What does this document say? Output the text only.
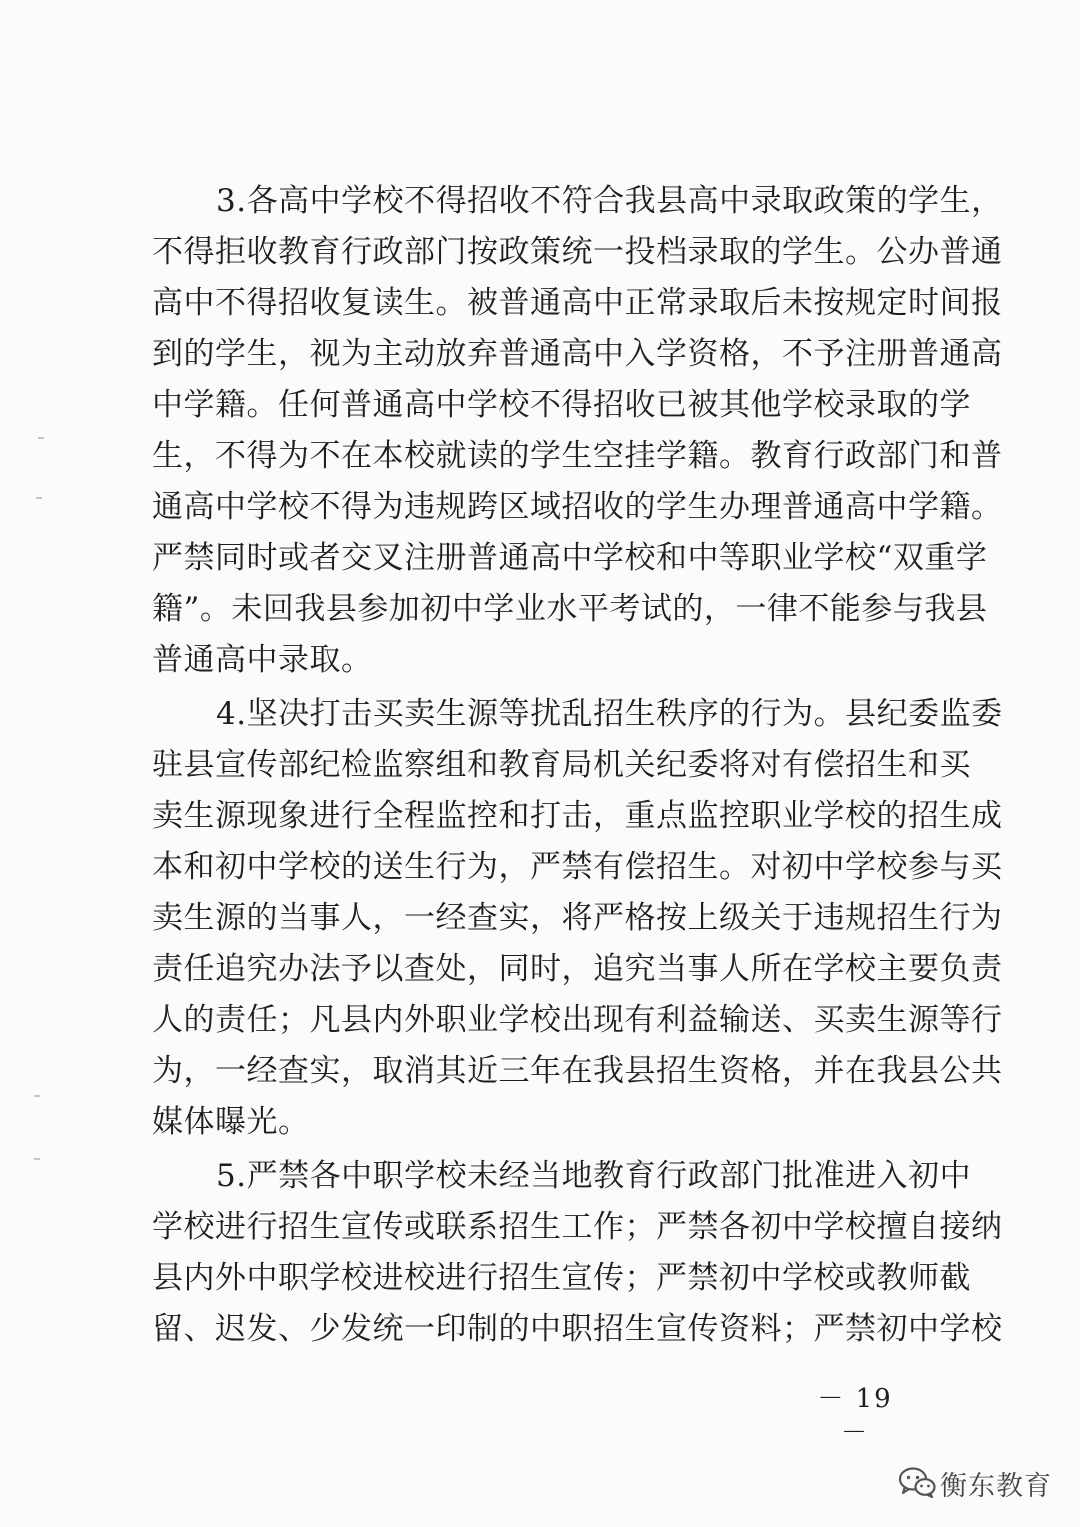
3.各高中学校不得招收不符合我县高中录取政策的学生，
不得拒收教育行政部门按政策统一投档录取的学生。公办普通
高中不得招收复读生。被普通高中正常录取后未按规定时间报
到的学生，视为主动放弃普通高中入学资格，不予注册普通高
中学籍。任何普通高中学校不得招收已被其他学校录取的学
生，不得为不在本校就读的学生空挂学籍。教育行政部门和普
通高中学校不得为违规跨区域招收的学生办理普通高中学籍。
严禁同时或者交叉注册普通高中学校和中等职业学校“双重学
籍”。未回我县参加初中学业水平考试的，一律不能参与我县
普通高中录取。
4.坚决打击买卖生源等扰乱招生秩序的行为。县纪委监委
驻县宣传部纪检监察组和教育局机关纪委将对有偿招生和买
卖生源现象进行全程监控和打击，重点监控职业学校的招生成
本和初中学校的送生行为，严禁有偿招生。对初中学校参与买
卖生源的当事人，一经查实，将严格按上级关于违规招生行为
责任追究办法予以查处，同时，追究当事人所在学校主要负责
人的责任；凡县内外职业学校出现有利益输送、买卖生源等行
为，一经查实，取消其近三年在我县招生资格，并在我县公共
媒体曝光。
5.严禁各中职学校未经当地教育行政部门批准进入初中
学校进行招生宣传或联系招生工作；严禁各初中学校擅自接纳
县内外中职学校进校进行招生宣传；严禁初中学校或教师截
留、迟发、少发统一印制的中职招生宣传资料；严禁初中学校
－ 19 －
衡东教育
